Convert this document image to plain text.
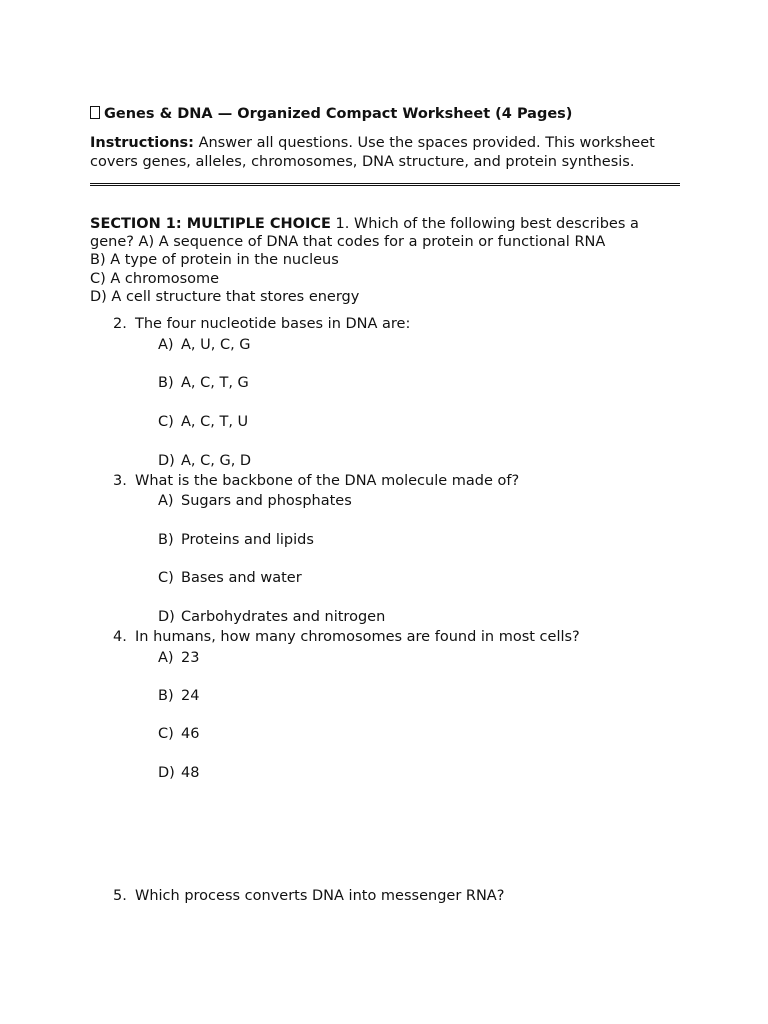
Genes & DNA — Organized Compact Worksheet (4 Pages)

Instructions: Answer all questions. Use the spaces provided. This worksheet covers genes, alleles, chromosomes, DNA structure, and protein synthesis.
SECTION 1: MULTIPLE CHOICE 1. Which of the following best describes a gene? A) A sequence of DNA that codes for a protein or functional RNA
B) A type of protein in the nucleus
C) A chromosome
D) A cell structure that stores energy
2. The four nucleotide bases in DNA are:
A) A, U, C, G
B) A, C, T, G
C) A, C, T, U
D) A, C, G, D
3. What is the backbone of the DNA molecule made of?
A) Sugars and phosphates
B) Proteins and lipids
C) Bases and water
D) Carbohydrates and nitrogen
4. In humans, how many chromosomes are found in most cells?
A) 23
B) 24
C) 46
D) 48
5. Which process converts DNA into messenger RNA?
